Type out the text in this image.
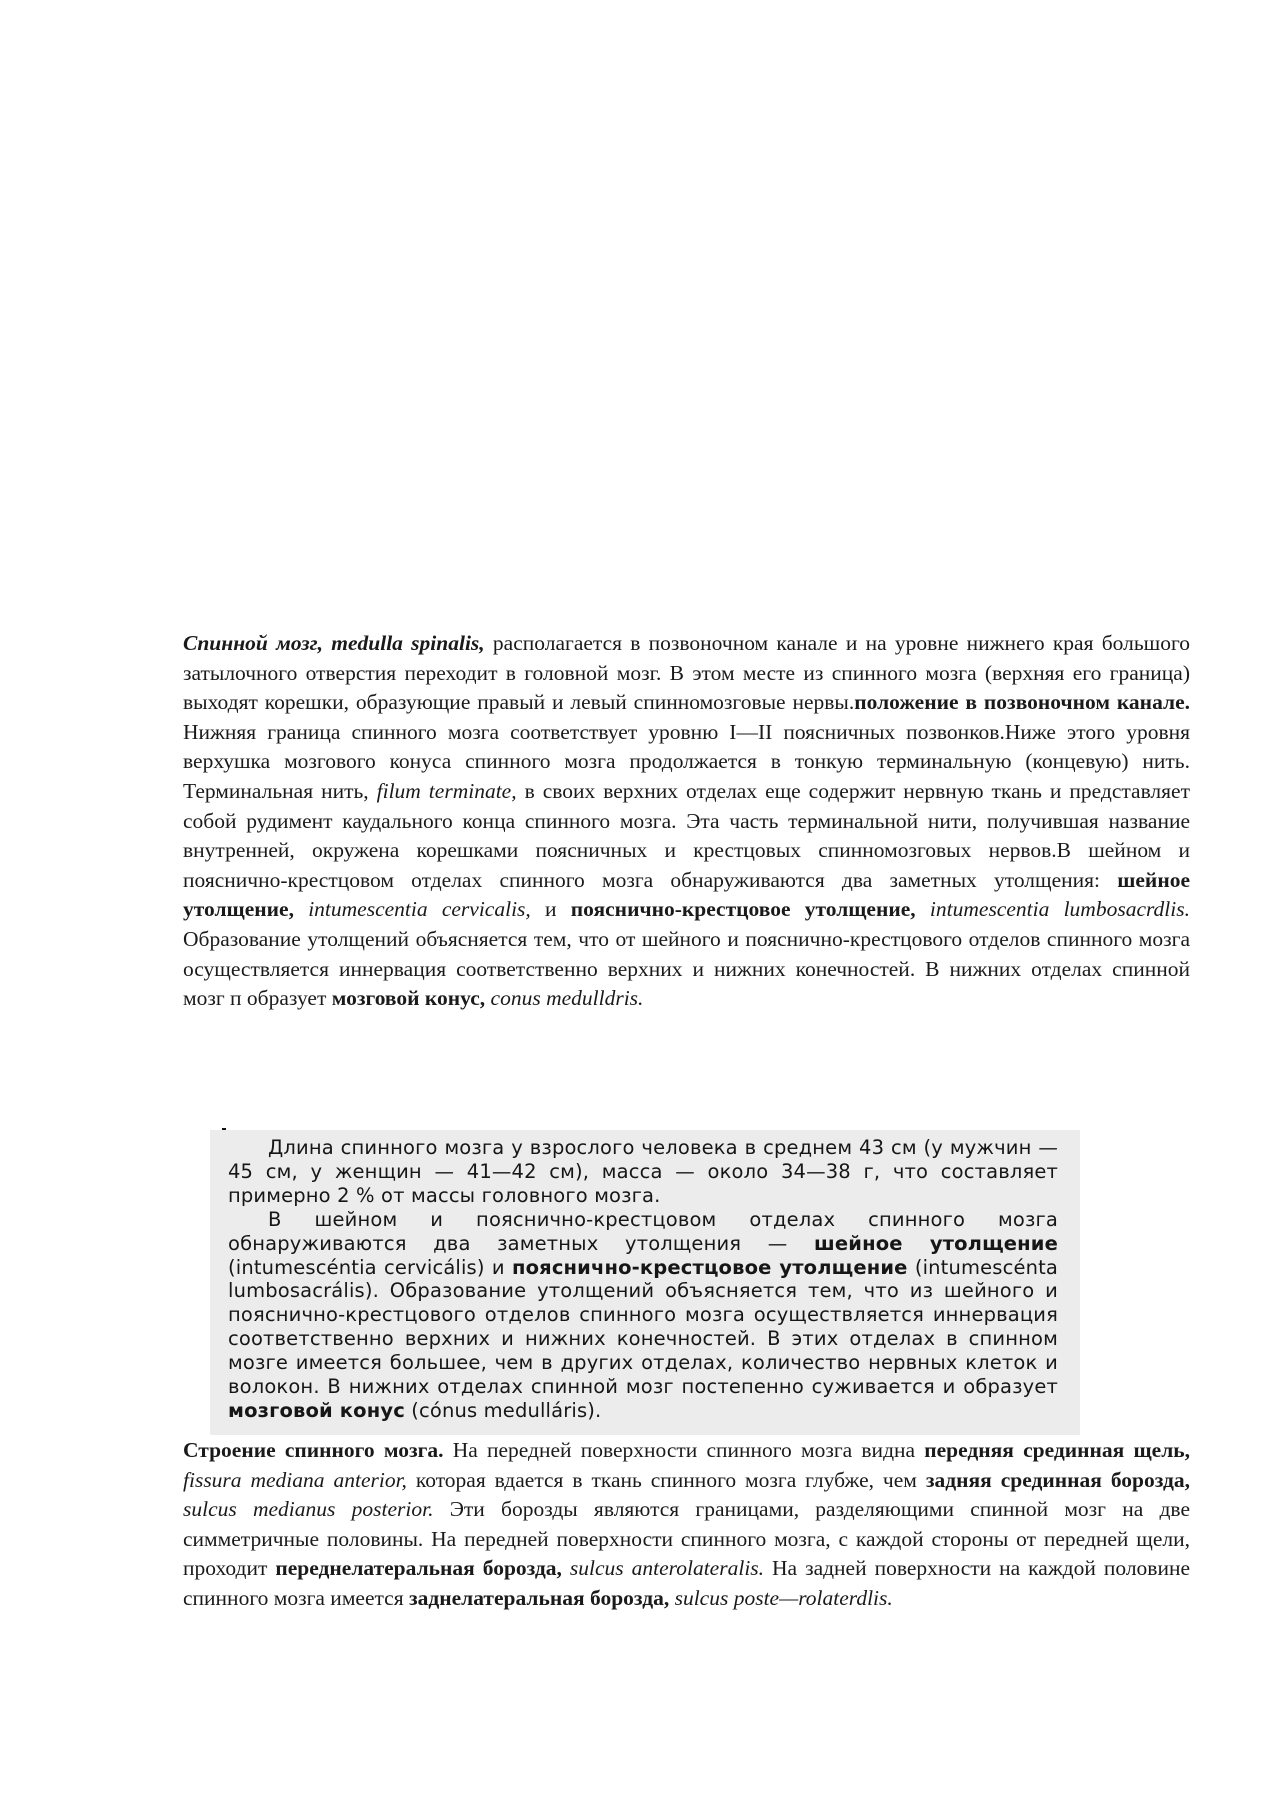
Спинной мозг, medulla spinalis, располагается в позвоночном канале и на уровне нижнего края большого затылочного отверстия переходит в головной мозг. В этом месте из спинного мозга (верхняя его граница) выходят корешки, образующие правый и левый спинномозговые нервы.положение в позвоночном канале. Нижняя граница спинного мозга соответствует уровню I—II поясничных позвонков.Ниже этого уровня верхушка мозгового конуса спинного мозга продолжается в тонкую терминальную (концевую) нить. Терминальная нить, filum terminate, в своих верхних отделах еще содержит нервную ткань и представляет собой рудимент каудального конца спинного мозга. Эта часть терминальной нити, получившая название внутренней, окружена корешками поясничных и крестцовых спинномозговых нервов.В шейном и пояснично-крестцовом отделах спинного мозга обнаруживаются два заметных утолщения: шейное утолщение, intumescentia cervicalis, и пояснично-крестцовое утолщение, intumescentia lumbosacrdlis. Образование утолщений объясняется тем, что от шейного и пояснично-крестцового отделов спинного мозга осуществляется иннервация соответственно верхних и нижних конечностей. В нижних отделах спинной мозг п образует мозговой конус, conus medulldris.

Длина спинного мозга у взрослого человека в среднем 43 см (у мужчин — 45 см, у женщин — 41—42 см), масса — около 34—38 г, что составляет примерно 2 % от массы головного мозга.
В шейном и пояснично-крестцовом отделах спинного мозга обнаруживаются два заметных утолщения — шейное утолщение (intumescéntia cervicális) и пояснично-крестцовое утолщение (intumescénta lumbosacrális). Образование утолщений объясняется тем, что из шейного и пояснично-крестцового отделов спинного мозга осуществляется иннервация соответственно верхних и нижних конечностей. В этих отделах в спинном мозге имеется большее, чем в других отделах, количество нервных клеток и волокон. В нижних отделах спинной мозг постепенно суживается и образует мозговой конус (cónus medulláris).

Строение спинного мозга. На передней поверхности спинного мозга видна передняя срединная щель, fissura mediana anterior, которая вдается в ткань спинного мозга глубже, чем задняя срединная борозда, sulcus medianus posterior. Эти борозды являются границами, разделяющими спинной мозг на две симметричные половины. На передней поверхности спинного мозга, с каждой стороны от передней щели, проходит переднелатеральная борозда, sulcus anterolateralis. На задней поверхности на каждой половине спинного мозга имеется заднелатеральная борозда, sulcus poste—rolaterdlis.
